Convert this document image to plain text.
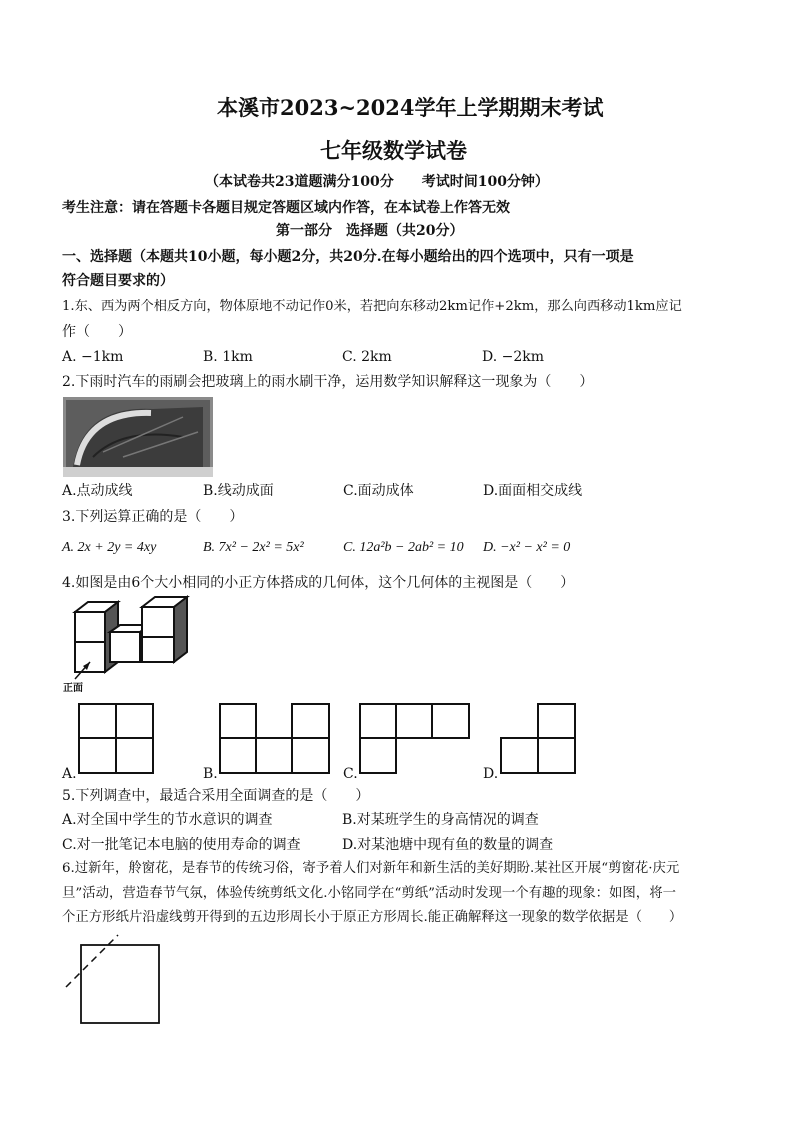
本溪市2023~2024学年上学期期末考试
七年级数学试卷
（本试卷共23道题满分100分　　考试时间100分钟）
考生注意：请在答题卡各题目规定答题区域内作答，在本试卷上作答无效
第一部分　选择题（共20分）
一、选择题（本题共10小题，每小题2分，共20分.在每小题给出的四个选项中，只有一项是
符合题目要求的）
1.东、西为两个相反方向，物体原地不动记作0米，若把向东移动2km记作+2km，那么向西移动1km应记
作（　　）
A. −1km	B. 1km	C. 2km	D. −2km
2.下雨时汽车的雨刷会把玻璃上的雨水刷干净，运用数学知识解释这一现象为（　　）
A.点动成线	B.线动成面	C.面动成体	D.面面相交成线
3.下列运算正确的是（　　）
A. 2x + 2y = 4xy	B. 7x² − 2x² = 5x²	C. 12a²b − 2ab² = 10 D. −x² − x² = 0
4.如图是由6个大小相同的小正方体搭成的几何体，这个几何体的主视图是（　　）
正面
A.	B.	C.	D.
5.下列调查中，最适合采用全面调查的是（　　）
A.对全国中学生的节水意识的调查	B.对某班学生的身高情况的调查
C.对一批笔记本电脑的使用寿命的调查	D.对某池塘中现有鱼的数量的调查
6.过新年，舲窗花，是春节的传统习俗，寄予着人们对新年和新生活的美好期盼.某社区开展“剪窗花·庆元
旦”活动，营造春节气氛，体验传统剪纸文化.小铭同学在“剪纸”活动时发现一个有趣的现象：如图，将一
个正方形纸片沿虚线剪开得到的五边形周长小于原正方形周长.能正确解释这一现象的数学依据是（　　）
